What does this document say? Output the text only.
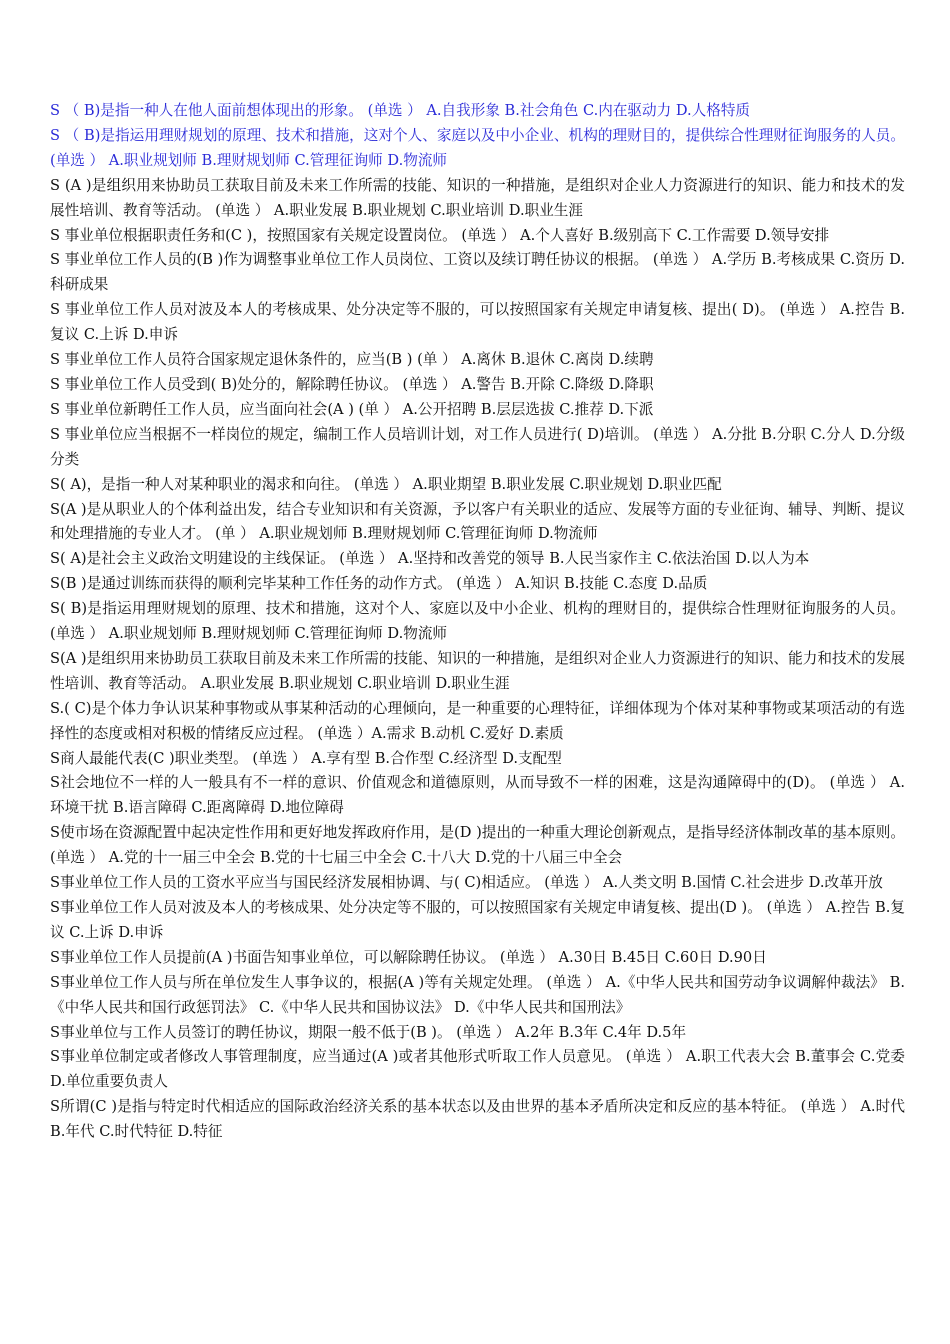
S （ B)是指一种人在他人面前想体现出的形象。 (单选 ） A.自我形象 B.社会角色 C.内在驱动力 D.人格特质

S （ B)是指运用理财规划的原理、技术和措施，这对个人、家庭以及中小企业、机构的理财目的，提供综合性理财征询服务的人员。 (单选 ） A.职业规划师 B.理财规划师 C.管理征询师 D.物流师

S (A )是组织用来协助员工获取目前及未来工作所需的技能、知识的一种措施，是组织对企业人力资源进行的知识、能力和技术的发展性培训、教育等活动。 (单选 ） A.职业发展 B.职业规划 C.职业培训 D.职业生涯

S 事业单位根据职责任务和(C )，按照国家有关规定设置岗位。 (单选 ） A.个人喜好 B.级别高下 C.工作需要 D.领导安排

S 事业单位工作人员的(B )作为调整事业单位工作人员岗位、工资以及续订聘任协议的根据。 (单选 ） A.学历 B.考核成果 C.资历 D.科研成果

S 事业单位工作人员对波及本人的考核成果、处分决定等不服的，可以按照国家有关规定申请复核、提出( D)。 (单选 ） A.控告 B.复议 C.上诉 D.申诉

S 事业单位工作人员符合国家规定退休条件的，应当(B ) (单 ） A.离休 B.退休 C.离岗 D.续聘

S 事业单位工作人员受到( B)处分的，解除聘任协议。 (单选 ） A.警告 B.开除 C.降级 D.降职

S 事业单位新聘任工作人员，应当面向社会(A ) (单 ） A.公开招聘 B.层层选拔 C.推荐 D.下派

S 事业单位应当根据不一样岗位的规定，编制工作人员培训计划，对工作人员进行( D)培训。 (单选 ） A.分批 B.分职 C.分人 D.分级分类

S( A)，是指一种人对某种职业的渴求和向往。 (单选 ） A.职业期望 B.职业发展 C.职业规划 D.职业匹配

S(A )是从职业人的个体利益出发，结合专业知识和有关资源，予以客户有关职业的适应、发展等方面的专业征询、辅导、判断、提议和处理措施的专业人才。 (单 ） A.职业规划师 B.理财规划师 C.管理征询师 D.物流师

S( A)是社会主义政治文明建设的主线保证。 (单选 ） A.坚持和改善党的领导 B.人民当家作主 C.依法治国 D.以人为本

S(B )是通过训练而获得的顺利完毕某种工作任务的动作方式。 (单选 ） A.知识 B.技能 C.态度 D.品质

S( B)是指运用理财规划的原理、技术和措施，这对个人、家庭以及中小企业、机构的理财目的，提供综合性理财征询服务的人员。 (单选 ） A.职业规划师 B.理财规划师 C.管理征询师 D.物流师

S(A )是组织用来协助员工获取目前及未来工作所需的技能、知识的一种措施，是组织对企业人力资源进行的知识、能力和技术的发展性培训、教育等活动。 A.职业发展 B.职业规划 C.职业培训 D.职业生涯

S.( C)是个体力争认识某种事物或从事某种活动的心理倾向，是一种重要的心理特征，详细体现为个体对某种事物或某项活动的有选择性的态度或相对积极的情绪反应过程。 (单选 ）A.需求 B.动机 C.爱好 D.素质

S商人最能代表(C )职业类型。 (单选 ） A.享有型 B.合作型 C.经济型 D.支配型

S社会地位不一样的人一般具有不一样的意识、价值观念和道德原则，从而导致不一样的困难，这是沟通障碍中的(D)。 (单选 ） A.环境干扰 B.语言障碍 C.距离障碍 D.地位障碍

S使市场在资源配置中起决定性作用和更好地发挥政府作用，是(D )提出的一种重大理论创新观点，是指导经济体制改革的基本原则。 (单选 ） A.党的十一届三中全会 B.党的十七届三中全会 C.十八大 D.党的十八届三中全会

S事业单位工作人员的工资水平应当与国民经济发展相协调、与( C)相适应。 (单选 ） A.人类文明 B.国情 C.社会进步 D.改革开放

S事业单位工作人员对波及本人的考核成果、处分决定等不服的，可以按照国家有关规定申请复核、提出(D )。 (单选 ） A.控告 B.复议 C.上诉 D.申诉

S事业单位工作人员提前(A )书面告知事业单位，可以解除聘任协议。 (单选 ） A.30日 B.45日 C.60日 D.90日

S事业单位工作人员与所在单位发生人事争议的，根据(A )等有关规定处理。 (单选 ） A.《中华人民共和国劳动争议调解仲裁法》 B.《中华人民共和国行政惩罚法》 C.《中华人民共和国协议法》 D.《中华人民共和国刑法》

S事业单位与工作人员签订的聘任协议，期限一般不低于(B )。 (单选 ） A.2年 B.3年 C.4年 D.5年

S事业单位制定或者修改人事管理制度，应当通过(A )或者其他形式听取工作人员意见。 (单选 ） A.职工代表大会 B.董事会 C.党委 D.单位重要负责人

S所谓(C )是指与特定时代相适应的国际政治经济关系的基本状态以及由世界的基本矛盾所决定和反应的基本特征。 (单选 ） A.时代 B.年代 C.时代特征 D.特征
